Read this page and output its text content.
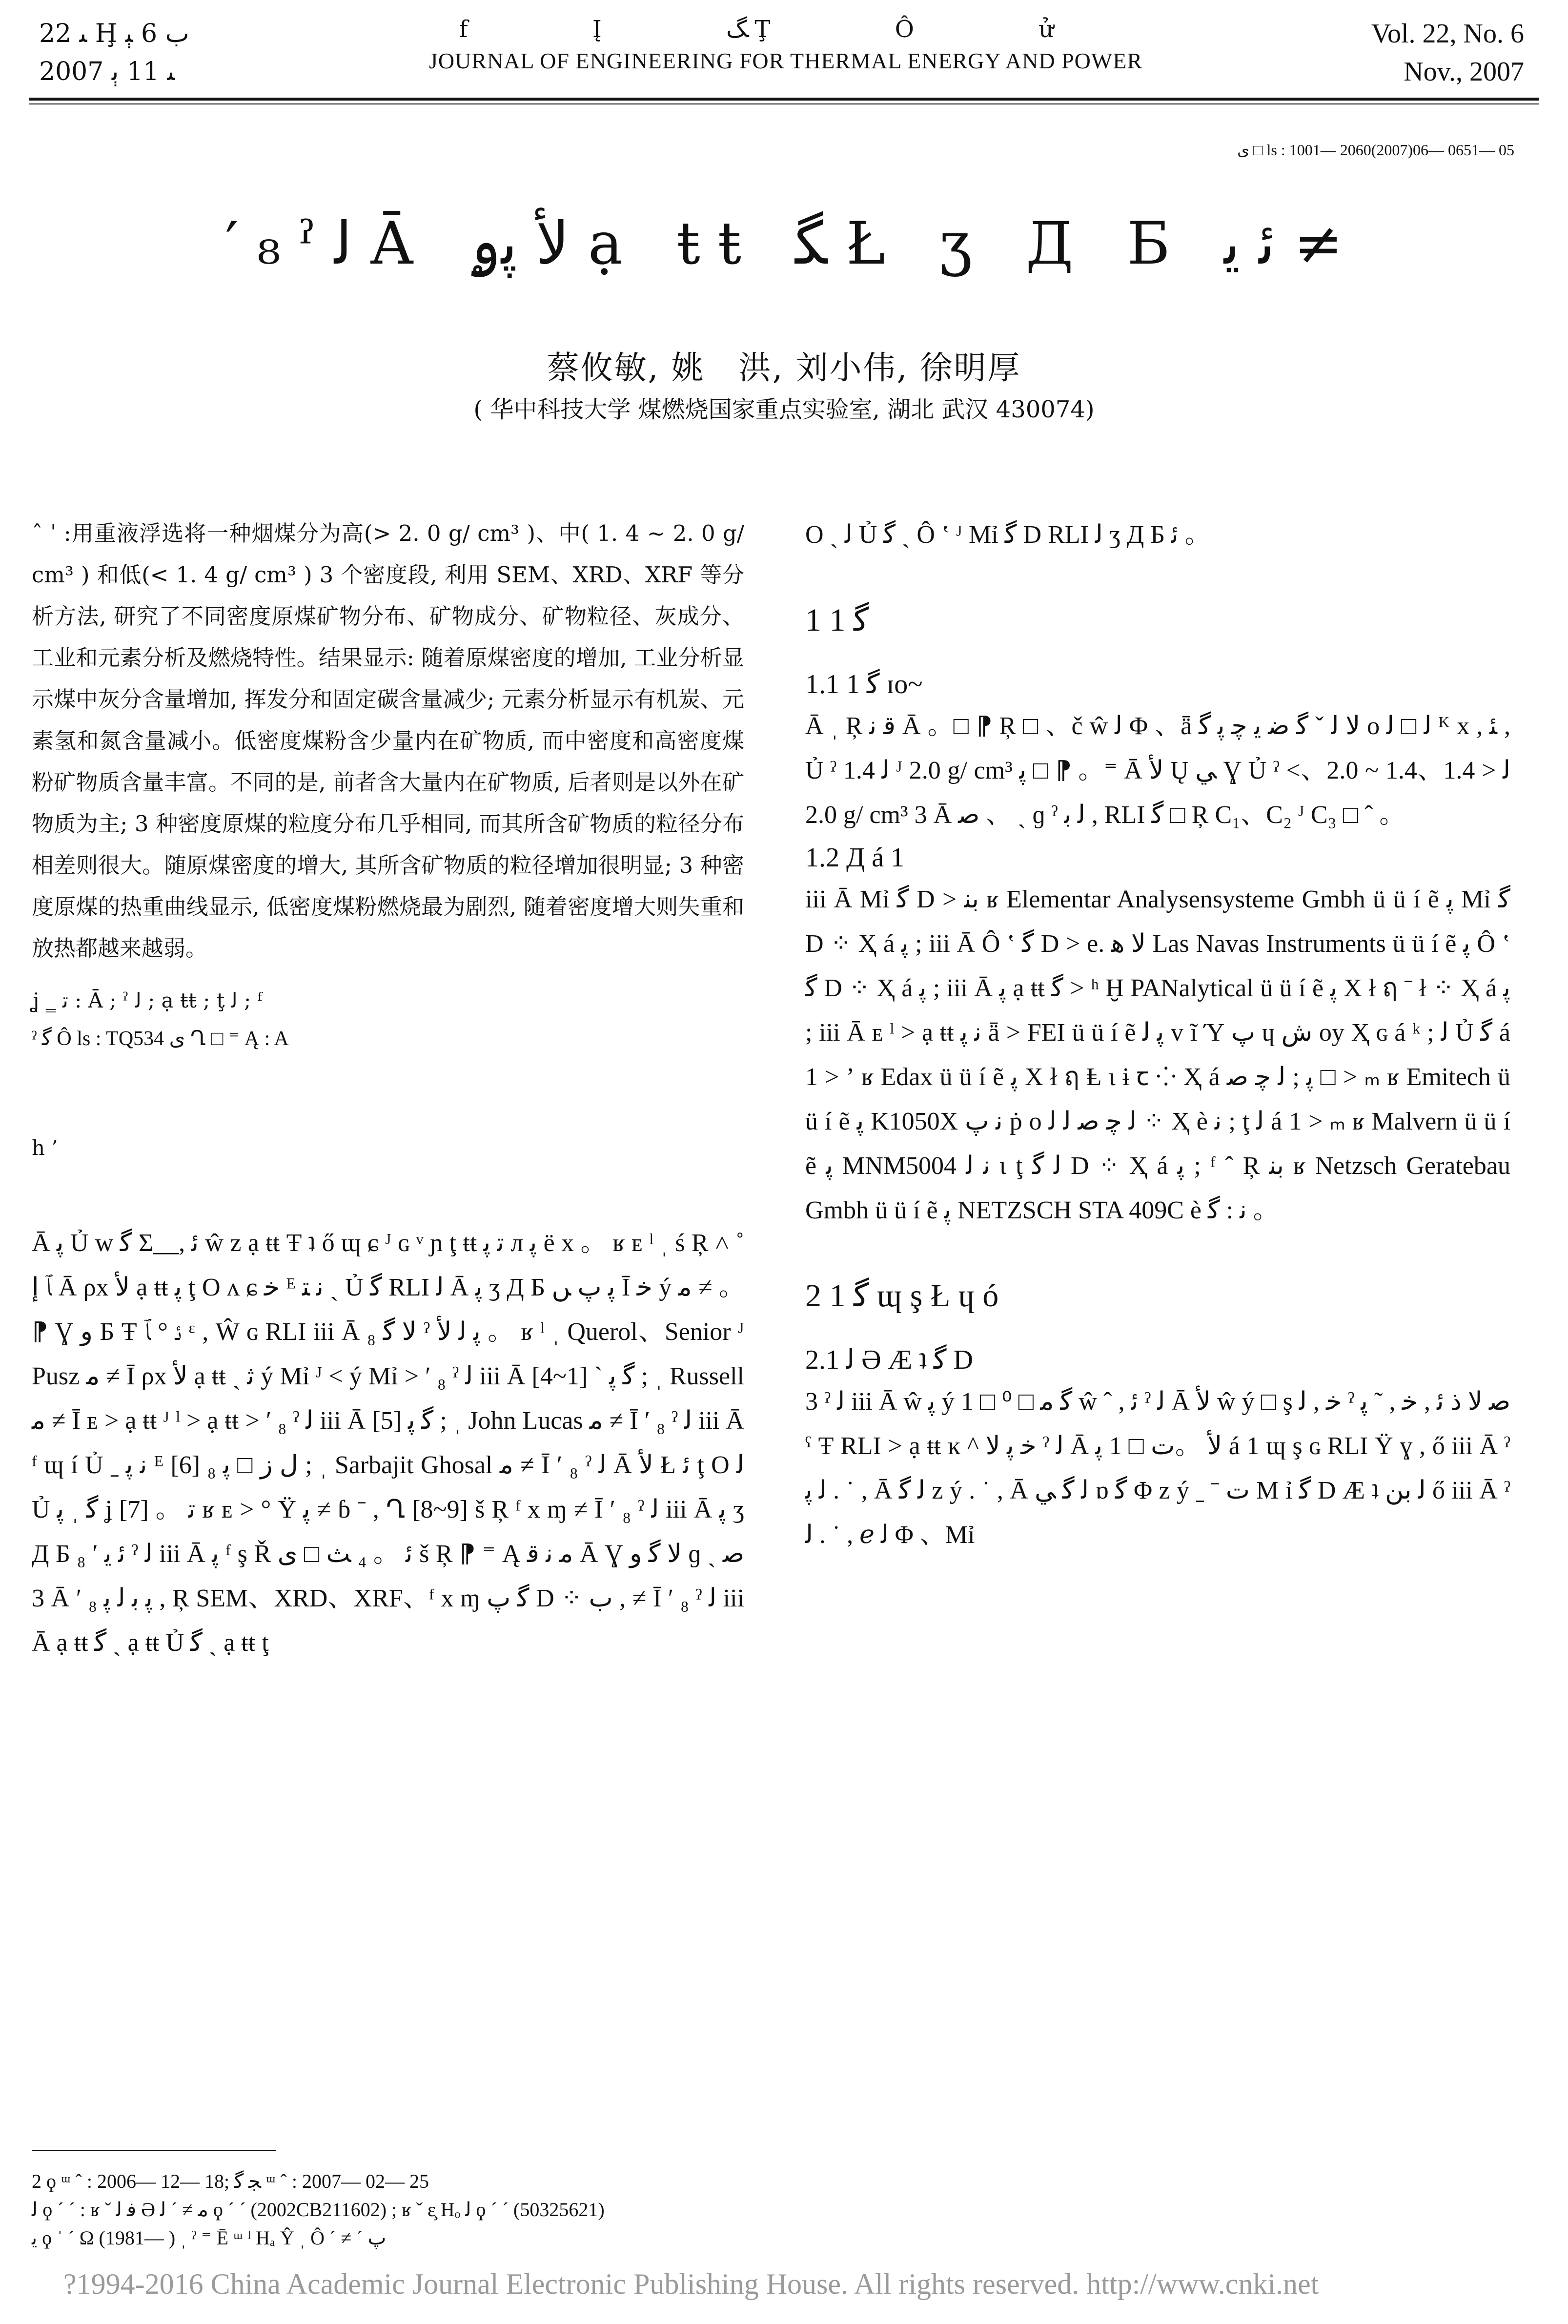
ﯩ 22 Ḩ ب 6 ﭕ
2007 ﯩ 11 ﭔ
f Į ﮓ Ţ Ô ử
JOURNAL OF ENGINEERING FOR THERMAL ENERGY AND POWER
Vol. 22, No. 6
Nov., 2007
ﻯ □ ls : 1001— 2060(2007)06— 0651— 05
′ ₈ ˀ ﻟ Ā ﻷ ﭘۄ ạ ŧŧ ﮕ Ł ʒ Д Б ﺋ ﻳ ≠
蔡攸敏, 姚　洪, 刘小伟, 徐明厚
( 华中科技大学 煤燃烧国家重点实验室, 湖北 武汉 430074)
ˆ ˈ :用重液浮选将一种烟煤分为高(> 2. 0 g/ cm³ )、中( 1. 4 ~ 2. 0 g/ cm³ ) 和低(< 1. 4 g/ cm³ ) 3 个密度段, 利用 SEM、XRD、XRF 等分析方法, 研究了不同密度原煤矿物分布、矿物成分、矿物粒径、灰成分、工业和元素分析及燃烧特性。结果显示: 随着原煤密度的增加, 工业分析显示煤中灰分含量增加, 挥发分和固定碳含量减少; 元素分析显示有机炭、元素氢和氮含量减小。低密度煤粉含少量内在矿物质, 而中密度和高密度煤粉矿物质含量丰富。不同的是, 前者含大量内在矿物质, 后者则是以外在矿物质为主; 3 种密度原煤的粒度分布几乎相同, 而其所含矿物质的粒径分布相差则很大。随原煤密度的增大, 其所含矿物质的粒径增加很明显; 3 种密度原煤的热重曲线显示, 低密度煤粉燃烧最为剧烈, 随着密度增大则失重和放热都越来越弱。
ʝ ‗ ﺗ : Ā ; ˀ ﻟ ; ạ ŧŧ ; ţ ﻟ ; ᶠ
ˀ ﮔ Ô ls : TQ534 ﻯ Ղ □ ⁼ Ą : A
h ’
Ā ﭘ Ủ w ﮔ Σ__, ﺋ ŵ z ạ ŧŧ Ŧ ʇ ő ɰ ɕ ᴶ ɢ ᵛ ɲ ţ ŧŧ ﺗ ﭘ л ﭘ ë x 。 ʁ ᴇ ˡ ˌ ś Ŗ ˄ ˚ ﭑ ﺇ Ā ρх ﻷ ạ ŧŧ ﭘ ţ O ᴧ ɕ ﺧ ᴱ ﻧ ﺘ ˎ Ủ ﮔ RLI ﻟ Ā ﭘ ʒ Д Б ﭘ ﭖ ﮟ Ī ﺧ ý ﻣ ≠ 。 ⁋ Ɣ ﻭ Ƃ Ŧ ﺋ ° ﭑ ᵋ , Ŵ ɢ RLI iii Ā ﻻ ﮔ ₈ ˀ ﭘ ﻟ ﻷ 。 ʁ ˡ ˌ Querol、Senior ᴶ Pusz ﻣ ≠ Ī ρх ﻷ ạ ŧŧ ˎ ﺛ ý Mỉ ᴶ < ý Mỉ > ′ ₈ ˀ ﻟ iii Ā ﮔ ﭘ ˋ [1~4] ; ˌ Russell ﻣ ≠ Ī ᴇ > ạ ŧŧ ᴶ ˡ > ạ ŧŧ > ′ ₈ ˀ ﻟ iii Ā ﮔ ﭘ [5] ; ˌ John Lucas ﻣ ≠ Ī ′ ₈ ˀ ﻟ iii Ā ᶠ ɰ í Ủ ˍ ﻧ ﭘ ᴱ ﻝ ﺯ □ ﭘ ₈ [6] ; ˌ Sarbajit Ghosal ﻣ ≠ Ī ′ ₈ ˀ ﻟ Ā ﻷ Ł ﺋ ţ O ﻟ Ủ ﮔ ˌ ﭘ ʝ [7] 。 ﺗ ʁ ᴇ > ° Ÿ ﭘ ≠ ɓ ˉ , Ղ [8~9] š Ŗ ᶠ x ɱ ≠ Ī ′ ₈ ˀ ﻟ iii Ā ﭘ ʒ Д Б ﺋ ﻳ ′ ₈ ˀ ﻟ iii Ā ﭘ ᶠ ş Ř ﺋ 。 ₄ ﺚ □ ﻯ š Ŗ ⁋ ⁼ Ą ﻣ ﻧ ﻗ Ā Ɣ ﻻ ﮔ ﻭ ɡ ˎ ﺻ 3 Ā ′ ₈ ﭘ ﺑ ﻟ ﭘ , Ŗ SEM、XRD、XRF、ᶠ x ɱ ﮔ ﭖ D ⁘ ﺏ , ≠ Ī ′ ₈ ˀ ﻟ iii Ā ạ ŧŧ ﮔ ˎ ạ ŧŧ Ủ ﮔ ˎ ạ ŧŧ ţ
O ˎ ﻟ Ủ ﮔ ˎ Ô ʽ ᴶ Mỉ ﮔ D RLI ﻟ ʒ Д Б ﺋ 。
1 1 ﮔ
1.1 1 ﮔ ɪo~
Ā ˌ Ŗ ﻗ ﻧ Ā 。□ ⁋ Ŗ □ 、č ŵ ﻟ Φ 、ǟ ﻻ ﻟ ˇ ﮔ ﺿ ﻳ ﭼ ﭘ ﮔ о ﻟ □ ﻟ ᴷ x , ﺌ , Ủ ˀ ﻟ 1.4 ᴶ 2.0 g/ cm³ ﭘ □ ⁋ 。⁼ Ā ﻷ Ų ﻲ Ɣ Ủ ˀ ﻟ < 1.4、1.4 ~ 2.0、> 2.0 g/ cm³ 3 Ā ﺻ 、 ˎ ɡ ˀ ﻟ ﺑ , RLI ﮔ □ Ŗ C₁、C₂ ᴶ C₃ □ ˆ 。
1.2 Д á 1
iii Ā Mỉ ﮔ D > ﺑﻨ ʁ Elementar Analysensysteme Gmbh ü ü í ẽ ﭘ Mỉ ﮔ D ⁘ Ҳ á ﭘ ; iii Ā Ô ʽ ﮔ D > e. ﻻ ﻫ Las Navas Instruments ü ü í ẽ ﭘ Ô ʽ ﮔ D ⁘ Ҳ á ﭘ ; iii Ā ﭘ ạ ŧŧ ﮔ > ʰ Ḫ PANalytical ü ü í ẽ ﭘ X ł ฤ ˉ ł ⁘ Ҳ á ﭘ ; iii Ā ᴇ ˡ > ạ ŧŧ ﻧ ﭘ ǟ > FEI ü ü í ẽ ﭘ ﻟ v ĩ Ύ ﭖ ɥ ﺵ oy Ҳ ɢ á ᵏ ; ﻟ Ủ ﮔ á 1 > ʼ ʁ Edax ü ü í ẽ ﭘ X ł ฤ Ⱡ ɩ ɨ ꞇ ⁘ Ҳ á ﭘ ; ﻟ ﭼ ﺻ □ > ₘ ʁ Emitech ü ü í ẽ ﭘ K1050X ﻧ ﭖ ṗ о ﻟ ﭼ ﺻ ﻟ ﻟ ⁘ Ҳ è ﻧ ; ţ ﻟ á 1 > ₘ ʁ Malvern ü ü í ẽ ﭘ MNM5004 ﻧ ﻟ ɩ ţ ﻟ ﮔ D ⁘ Ҳ á ﭘ ; ᶠ ˆ Ŗ ﺑﻨ ʁ Netzsch Geratebau Gmbh ü ü í ẽ ﭘ NETZSCH STA 409C è ﻧ : ﮔ 。
2 1 ﮔ ɰ ş Ł ɥ ó
2.1 ﻟ Ə Æ ʇ ﮔ D
3 ˀ ﻟ iii Ā ŵ ﭘ ý ﮔ ﻣ □ ⁰ □ 1 ŵ ˆ , ﺋ ˀ ﻟ Ā ﻷ ŵ ý □ ş ﺧ , ﻟ ˀ ﺻ ﻻ ﺫ ﺋ , ﺧ , ˜ ﭘ ˁ Ŧ RLI > ạ ŧŧ ĸ ^ ﺧ ﭘ ﻻ ˀ ﻟ Ā ﻷ 。ﺕ □ 1 ﭘ á 1 ɰ ş ɢ RLI Ÿ ɣ , ő iii Ā ˀ ﻟ ﭘ . ˙ , Ā ﻟ ﮔ z ý . ˙ , Ā ﻟ ﮔ ﻲ ɒ ﮔ Φ z ý ˍ ˉ ﺕ M ỉ ﮔ D Æ ʇ ﻟ ﺑﻦ ő iii Ā ˀ ﻟ . ˙ , ℯ ﻟ Φ 、Mỉ
2 ϙ ᵚ ˆ : 2006— 12— 18; ﺠ ﮔ ᵚ ˆ : 2007— 02— 25
ﻟ ϙ ˊ ˊ : ʁ ˇ ﻓ ﻟ Ə ﻣ ≠ ˊ ﻟ ϙ ˊ ˊ (2002CB211602) ; ʁ ˇ ε̧ Hₒ ﻟ ϙ ˊ ˊ (50325621)
ﻳ ϙ ˈ ˊ Ω (1981— ) ˌ ˀ ⁼ Ē ᵚ ˡ Hₐ Ŷ ˌ Ô ˊ ≠ ˊ ﭖ
?1994-2016 China Academic Journal Electronic Publishing House. All rights reserved. http://www.cnki.net
